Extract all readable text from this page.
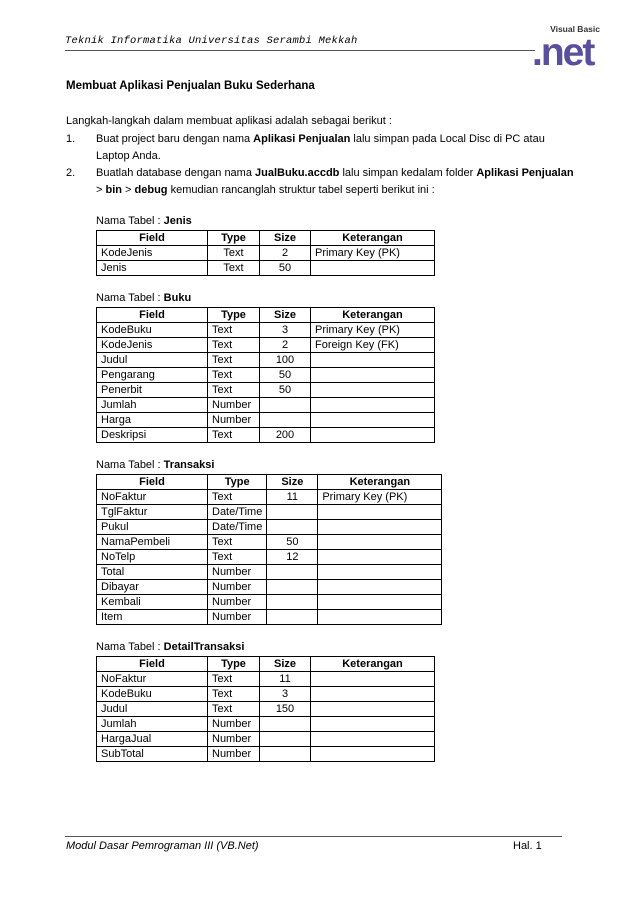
Teknik Informatika Universitas Serambi Mekkah
Visual Basic
.net

Membuat Aplikasi Penjualan Buku Sederhana

Langkah-langkah dalam membuat aplikasi adalah sebagai berikut :
1. Buat project baru dengan nama Aplikasi Penjualan lalu simpan pada Local Disc di PC atau Laptop Anda.
2. Buatlah database dengan nama JualBuku.accdb lalu simpan kedalam folder Aplikasi Penjualan > bin > debug kemudian rancanglah struktur tabel seperti berikut ini :
Nama Tabel : Jenis
Field	Type	Size	Keterangan
KodeJenis	Text	2	Primary Key (PK)
Jenis	Text	50	
Nama Tabel : Buku
Field	Type	Size	Keterangan
KodeBuku	Text	3	Primary Key (PK)
KodeJenis	Text	2	Foreign Key (FK)
Judul	Text	100	
Pengarang	Text	50	
Penerbit	Text	50	
Jumlah	Number		
Harga	Number		
Deskripsi	Text	200	
Nama Tabel : Transaksi
Field	Type	Size	Keterangan
NoFaktur	Text	11	Primary Key (PK)
TglFaktur	Date/Time		
Pukul	Date/Time		
NamaPembeli	Text	50	
NoTelp	Text	12	
Total	Number		
Dibayar	Number		
Kembali	Number		
Item	Number		
Nama Tabel : DetailTransaksi
Field	Type	Size	Keterangan
NoFaktur	Text	11	
KodeBuku	Text	3	
Judul	Text	150	
Jumlah	Number		
HargaJual	Number		
SubTotal	Number		
Modul Dasar Pemrograman III (VB.Net)	Hal. 1
